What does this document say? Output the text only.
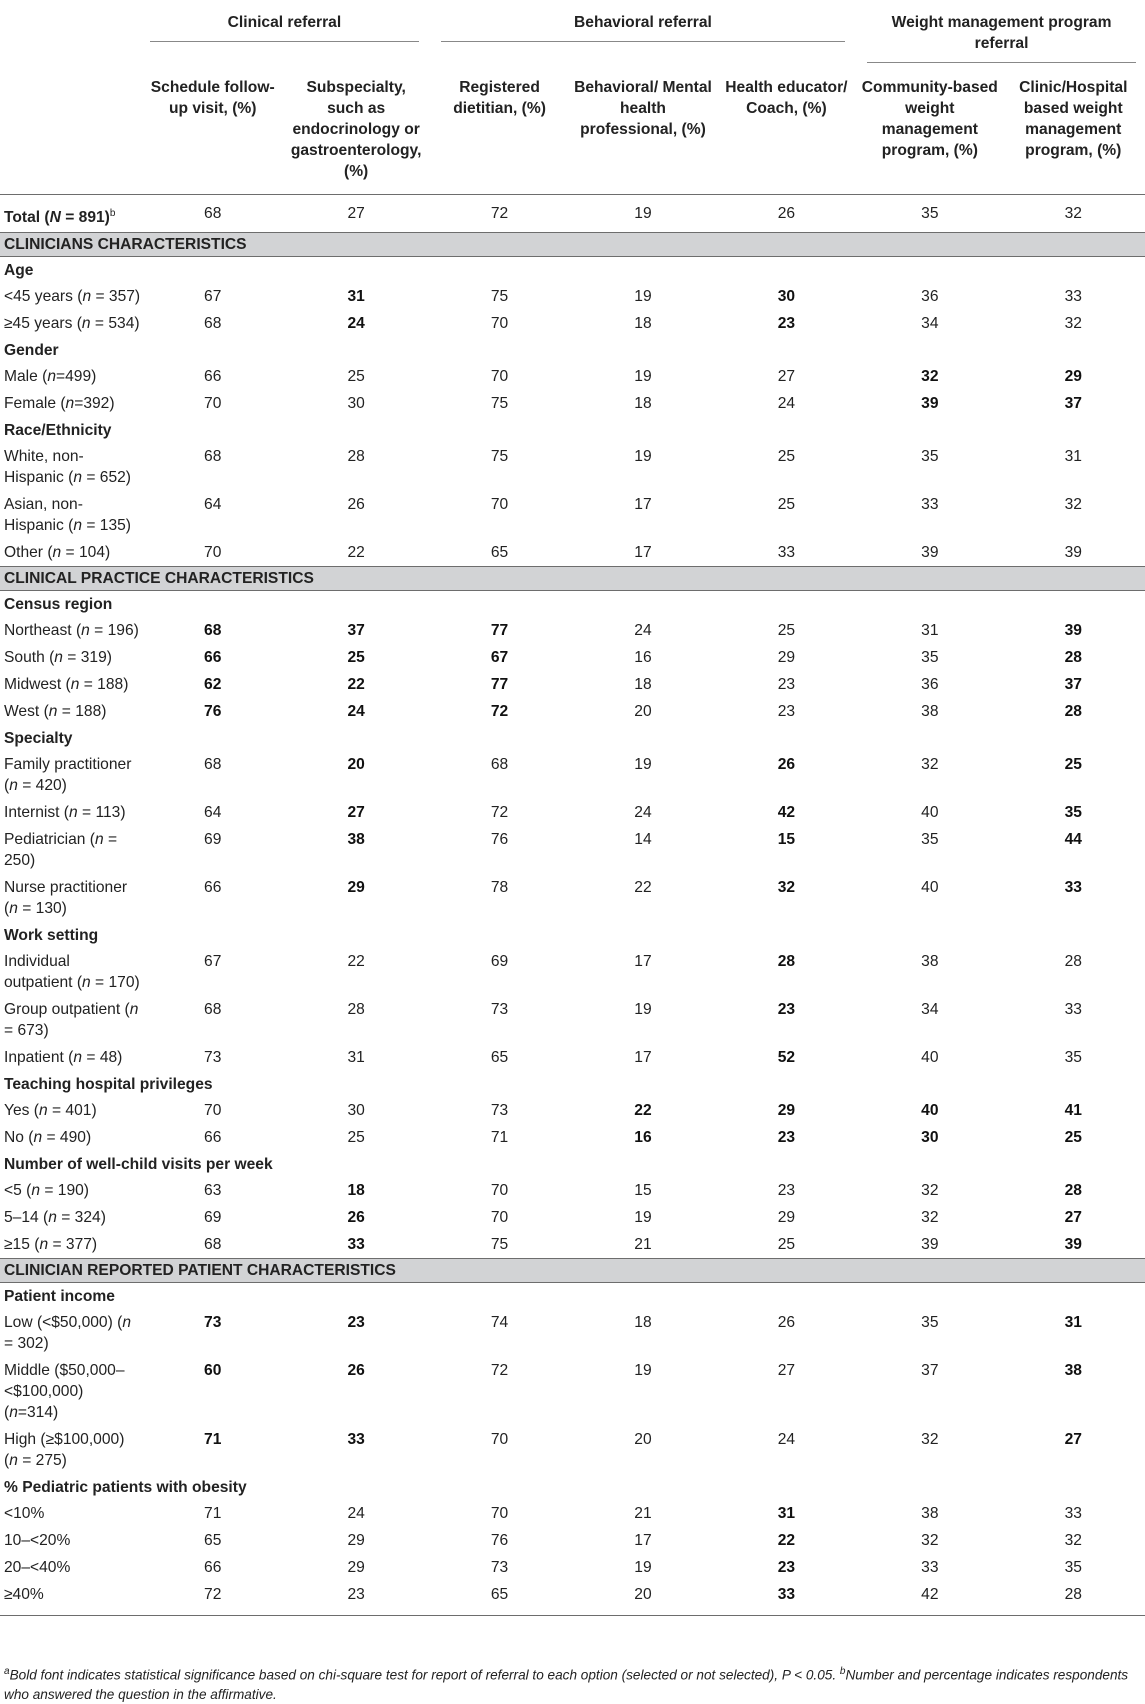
	Clinical referral		Behavioral referral			Weight management program referral	
	Schedule follow-up visit, (%)	Subspecialty, such as endocrinology or gastroenterology, (%)	Registered dietitian, (%)	Behavioral/ Mental health professional, (%)	Health educator/ Coach, (%)	Community-based weight management program, (%)	Clinic/Hospital based weight management program, (%)
Total (N = 891)$^b$	68	27	72	19	26	35	32
CLINICIANS CHARACTERISTICS							
Age							
<45 years (n = 357)	67	31	75	19	30	36	33
≥45 years (n = 534)	68	24	70	18	23	34	32
Gender							
Male (n=499)	66	25	70	19	27	32	29
Female (n=392)	70	30	75	18	24	39	37
Race/Ethnicity							
White, non-Hispanic (n = 652)	68	28	75	19	25	35	31
Asian, non-Hispanic (n = 135)	64	26	70	17	25	33	32
Other (n = 104)	70	22	65	17	33	39	39
CLINICAL PRACTICE CHARACTERISTICS							
Census region							
Northeast (n = 196)	68	37	77	24	25	31	39
South (n = 319)	66	25	67	16	29	35	28
Midwest (n = 188)	62	22	77	18	23	36	37
West (n = 188)	76	24	72	20	23	38	28
Specialty							
Family practitioner (n = 420)	68	20	68	19	26	32	25
Internist (n = 113)	64	27	72	24	42	40	35
Pediatrician (n = 250)	69	38	76	14	15	35	44
Nurse practitioner (n = 130)	66	29	78	22	32	40	33
Work setting							
Individual outpatient (n = 170)	67	22	69	17	28	38	28
Group outpatient (n = 673)	68	28	73	19	23	34	33
Inpatient (n = 48)	73	31	65	17	52	40	35
Teaching hospital privileges							
Yes (n = 401)	70	30	73	22	29	40	41
No (n = 490)	66	25	71	16	23	30	25
Number of well-child visits per week							
<5 (n = 190)	63	18	70	15	23	32	28
5–14 (n = 324)	69	26	70	19	29	32	27
≥15 (n = 377)	68	33	75	21	25	39	39
CLINICIAN REPORTED PATIENT CHARACTERISTICS							
Patient income							
Low (<$50,000) (n = 302)	73	23	74	18	26	35	31
Middle ($50,000–<$100,000) (n=314)	60	26	72	19	27	37	38
High (≥$100,000) (n = 275)	71	33	70	20	24	32	27
% Pediatric patients with obesity							
<10%	71	24	70	21	31	38	33
10–<20%	65	29	76	17	22	32	32
20–<40%	66	29	73	19	23	33	35
≥40%	72	23	65	20	33	42	28
$^a$Bold font indicates statistical significance based on chi-square test for report of referral to each option (selected or not selected), P < 0.05. $^b$Number and percentage indicates respondents who answered the question in the affirmative.
